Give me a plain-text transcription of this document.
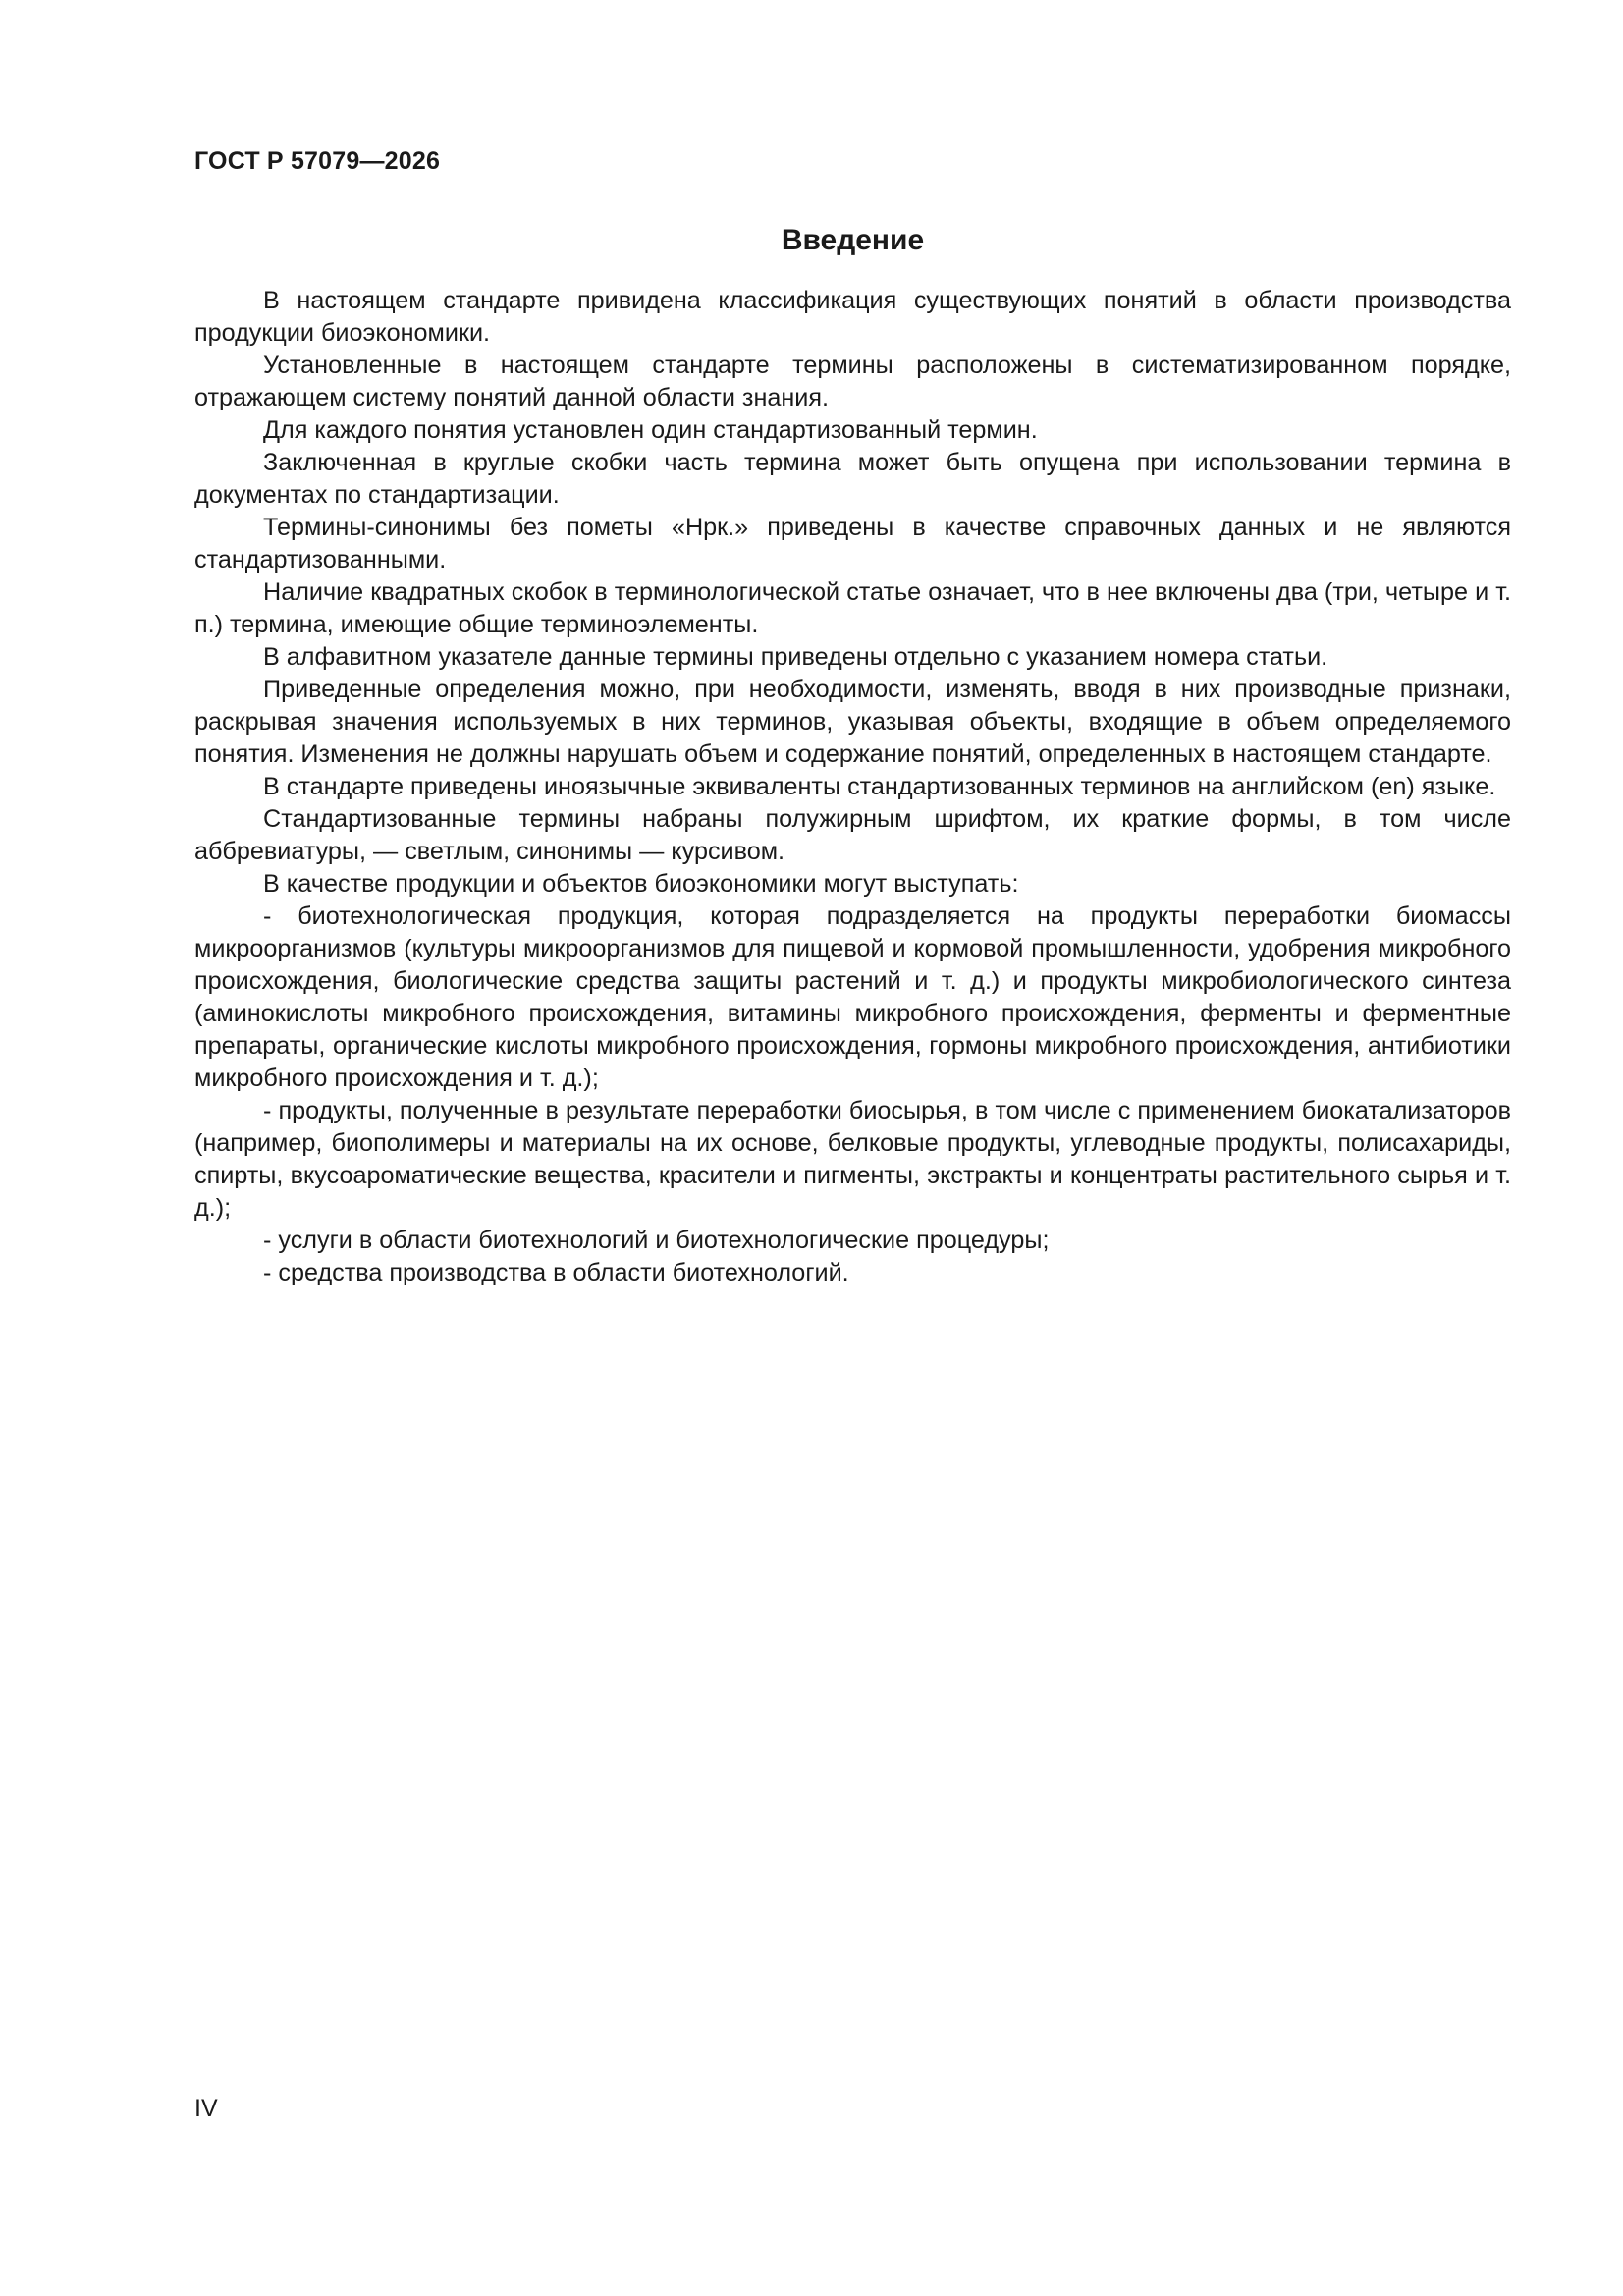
ГОСТ Р 57079—2026

Введение

В настоящем стандарте привидена классификация существующих понятий в области производства продукции биоэкономики.

Установленные в настоящем стандарте термины расположены в систематизированном порядке, отражающем систему понятий данной области знания.

Для каждого понятия установлен один стандартизованный термин.

Заключенная в круглые скобки часть термина может быть опущена при использовании термина в документах по стандартизации.

Термины-синонимы без пометы «Нрк.» приведены в качестве справочных данных и не являются стандартизованными.

Наличие квадратных скобок в терминологической статье означает, что в нее включены два (три, четыре и т. п.) термина, имеющие общие терминоэлементы.

В алфавитном указателе данные термины приведены отдельно с указанием номера статьи.

Приведенные определения можно, при необходимости, изменять, вводя в них производные признаки, раскрывая значения используемых в них терминов, указывая объекты, входящие в объем определяемого понятия. Изменения не должны нарушать объем и содержание понятий, определенных в настоящем стандарте.

В стандарте приведены иноязычные эквиваленты стандартизованных терминов на английском (en) языке.

Стандартизованные термины набраны полужирным шрифтом, их краткие формы, в том числе аббревиатуры, — светлым, синонимы — курсивом.

В качестве продукции и объектов биоэкономики могут выступать:

- биотехнологическая продукция, которая подразделяется на продукты переработки биомассы микроорганизмов (культуры микроорганизмов для пищевой и кормовой промышленности, удобрения микробного происхождения, биологические средства защиты растений и т. д.) и продукты микробиологического синтеза (аминокислоты микробного происхождения, витамины микробного происхождения, ферменты и ферментные препараты, органические кислоты микробного происхождения, гормоны микробного происхождения, антибиотики микробного происхождения и т. д.);

- продукты, полученные в результате переработки биосырья, в том числе с применением биокатализаторов (например, биополимеры и материалы на их основе, белковые продукты, углеводные продукты, полисахариды, спирты, вкусоароматические вещества, красители и пигменты, экстракты и концентраты растительного сырья и т. д.);

- услуги в области биотехнологий и биотехнологические процедуры;

- средства производства в области биотехнологий.

IV
